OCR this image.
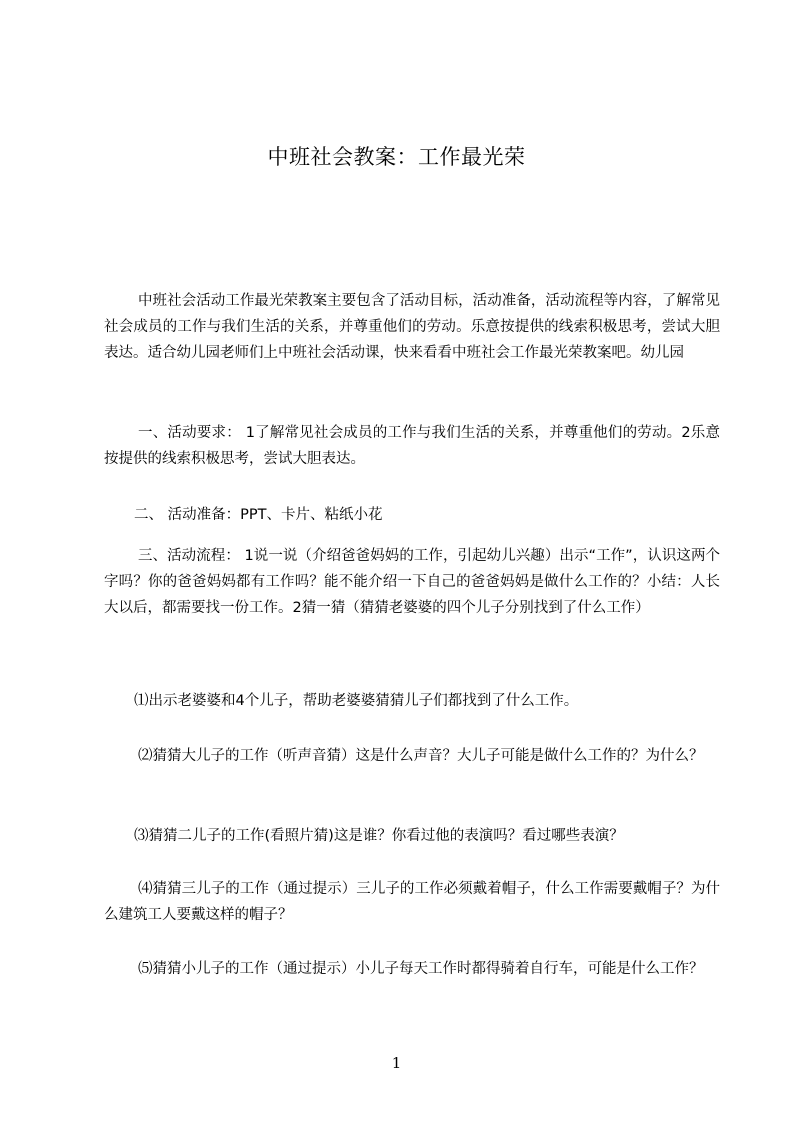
中班社会教案：工作最光荣
中班社会活动工作最光荣教案主要包含了活动目标，活动准备，活动流程等内容，了解常见社会成员的工作与我们生活的关系，并尊重他们的劳动。乐意按提供的线索积极思考，尝试大胆表达。适合幼儿园老师们上中班社会活动课，快来看看中班社会工作最光荣教案吧。幼儿园
一、活动要求： 1了解常见社会成员的工作与我们生活的关系，并尊重他们的劳动。2乐意按提供的线索积极思考，尝试大胆表达。
二、 活动准备：PPT、卡片、粘纸小花
三、活动流程： 1说一说（介绍爸爸妈妈的工作，引起幼儿兴趣）出示“工作”，认识这两个字吗？你的爸爸妈妈都有工作吗？能不能介绍一下自己的爸爸妈妈是做什么工作的？小结：人长大以后，都需要找一份工作。2猜一猜（猜猜老婆婆的四个儿子分别找到了什么工作）
⑴出示老婆婆和4个儿子，帮助老婆婆猜猜儿子们都找到了什么工作。
⑵猜猜大儿子的工作（听声音猜）这是什么声音？大儿子可能是做什么工作的？为什么？
⑶猜猜二儿子的工作(看照片猜)这是谁？你看过他的表演吗？看过哪些表演？
⑷猜猜三儿子的工作（通过提示）三儿子的工作必须戴着帽子，什么工作需要戴帽子？为什么建筑工人要戴这样的帽子？
⑸猜猜小儿子的工作（通过提示）小儿子每天工作时都得骑着自行车，可能是什么工作？
1
